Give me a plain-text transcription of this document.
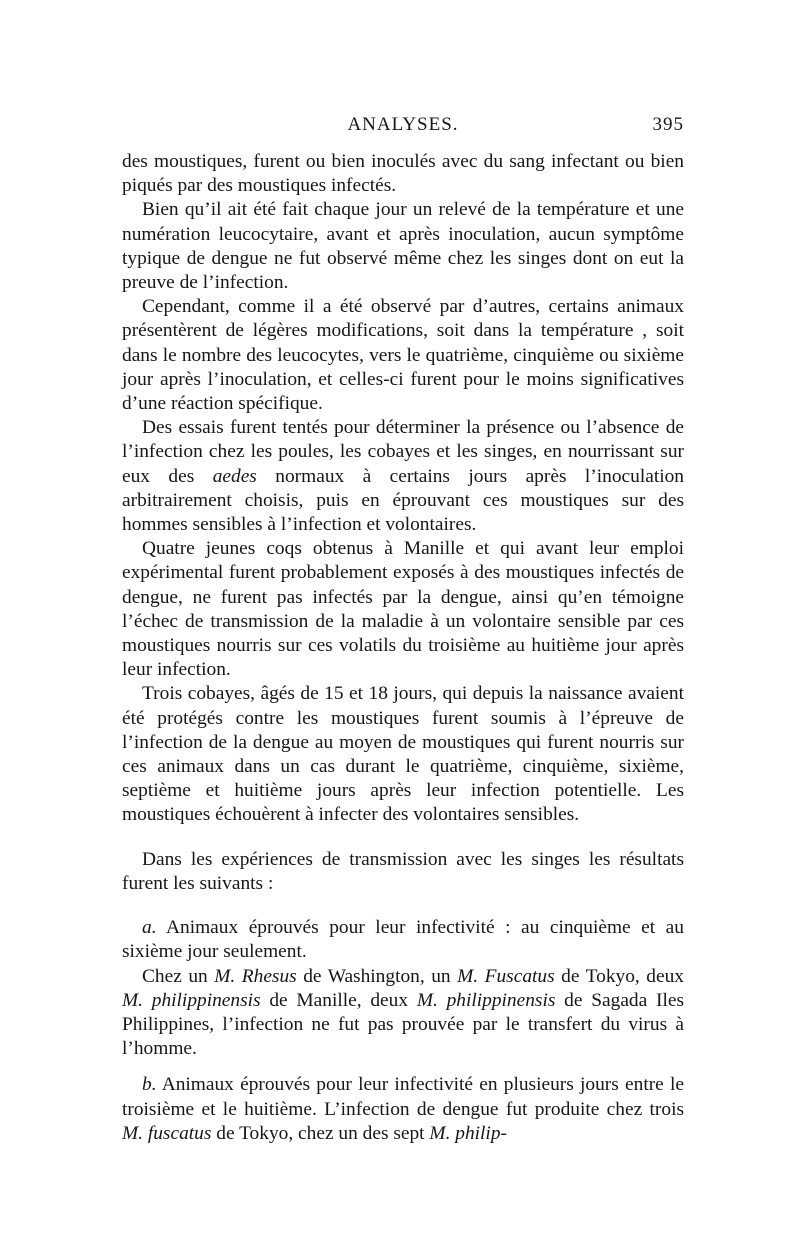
ANALYSES.	395

des moustiques, furent ou bien inoculés avec du sang infectant ou bien piqués par des moustiques infectés.

Bien qu’il ait été fait chaque jour un relevé de la température et une numération leucocytaire, avant et après inoculation, aucun symptôme typique de dengue ne fut observé même chez les singes dont on eut la preuve de l’infection.

Cependant, comme il a été observé par d’autres, certains animaux présentèrent de légères modifications, soit dans la température , soit dans le nombre des leucocytes, vers le quatrième, cinquième ou sixième jour après l’inoculation, et celles-ci furent pour le moins significatives d’une réaction spécifique.

Des essais furent tentés pour déterminer la présence ou l’absence de l’infection chez les poules, les cobayes et les singes, en nourrissant sur eux des aedes normaux à certains jours après l’inoculation arbitrairement choisis, puis en éprouvant ces moustiques sur des hommes sensibles à l’infection et volontaires.

Quatre jeunes coqs obtenus à Manille et qui avant leur emploi expérimental furent probablement exposés à des moustiques infectés de dengue, ne furent pas infectés par la dengue, ainsi qu’en témoigne l’échec de transmission de la maladie à un volontaire sensible par ces moustiques nourris sur ces volatils du troisième au huitième jour après leur infection.

Trois cobayes, âgés de 15 et 18 jours, qui depuis la naissance avaient été protégés contre les moustiques furent soumis à l’épreuve de l’infection de la dengue au moyen de moustiques qui furent nourris sur ces animaux dans un cas durant le quatrième, cinquième, sixième, septième et huitième jours après leur infection potentielle. Les moustiques échouèrent à infecter des volontaires sensibles.

Dans les expériences de transmission avec les singes les résultats furent les suivants :

a. Animaux éprouvés pour leur infectivité : au cinquième et au sixième jour seulement.

Chez un M. Rhesus de Washington, un M. Fuscatus de Tokyo, deux M. philippinensis de Manille, deux M. philippinensis de Sagada Iles Philippines, l’infection ne fut pas prouvée par le transfert du virus à l’homme.

b. Animaux éprouvés pour leur infectivité en plusieurs jours entre le troisième et le huitième. L’infection de dengue fut produite chez trois M. fuscatus de Tokyo, chez un des sept M. philip-
